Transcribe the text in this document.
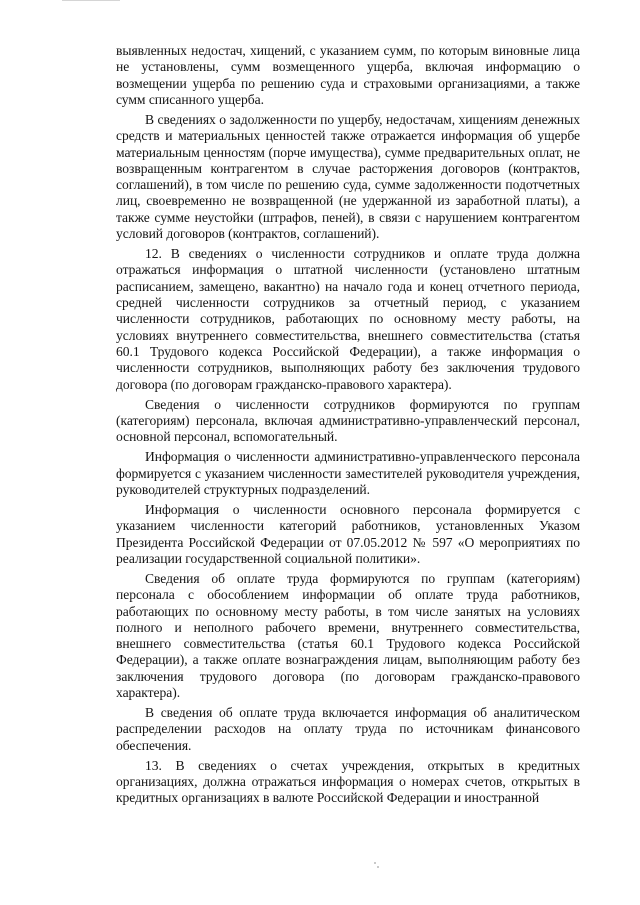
выявленных недостач, хищений, с указанием сумм, по которым виновные лица не установлены, сумм возмещенного ущерба, включая информацию о возмещении ущерба по решению суда и страховыми организациями, а также сумм списанного ущерба.

В сведениях о задолженности по ущербу, недостачам, хищениям денежных средств и материальных ценностей также отражается информация об ущербе материальным ценностям (порче имущества), сумме предварительных оплат, не возвращенным контрагентом в случае расторжения договоров (контрактов, соглашений), в том числе по решению суда, сумме задолженности подотчетных лиц, своевременно не возвращенной (не удержанной из заработной платы), а также сумме неустойки (штрафов, пеней), в связи с нарушением контрагентом условий договоров (контрактов, соглашений).

12. В сведениях о численности сотрудников и оплате труда должна отражаться информация о штатной численности (установлено штатным расписанием, замещено, вакантно) на начало года и конец отчетного периода, средней численности сотрудников за отчетный период, с указанием численности сотрудников, работающих по основному месту работы, на условиях внутреннего совместительства, внешнего совместительства (статья 60.1 Трудового кодекса Российской Федерации), а также информация о численности сотрудников, выполняющих работу без заключения трудового договора (по договорам гражданско-правового характера).

Сведения о численности сотрудников формируются по группам (категориям) персонала, включая административно-управленческий персонал, основной персонал, вспомогательный.

Информация о численности административно-управленческого персонала формируется с указанием численности заместителей руководителя учреждения, руководителей структурных подразделений.

Информация о численности основного персонала формируется с указанием численности категорий работников, установленных Указом Президента Российской Федерации от 07.05.2012 № 597 «О мероприятиях по реализации государственной социальной политики».

Сведения об оплате труда формируются по группам (категориям) персонала с обособлением информации об оплате труда работников, работающих по основному месту работы, в том числе занятых на условиях полного и неполного рабочего времени, внутреннего совместительства, внешнего совместительства (статья 60.1 Трудового кодекса Российской Федерации), а также оплате вознаграждения лицам, выполняющим работу без заключения трудового договора (по договорам гражданско-правового характера).

В сведения об оплате труда включается информация об аналитическом распределении расходов на оплату труда по источникам финансового обеспечения.

13. В сведениях о счетах учреждения, открытых в кредитных организациях, должна отражаться информация о номерах счетов, открытых в кредитных организациях в валюте Российской Федерации и иностранной
